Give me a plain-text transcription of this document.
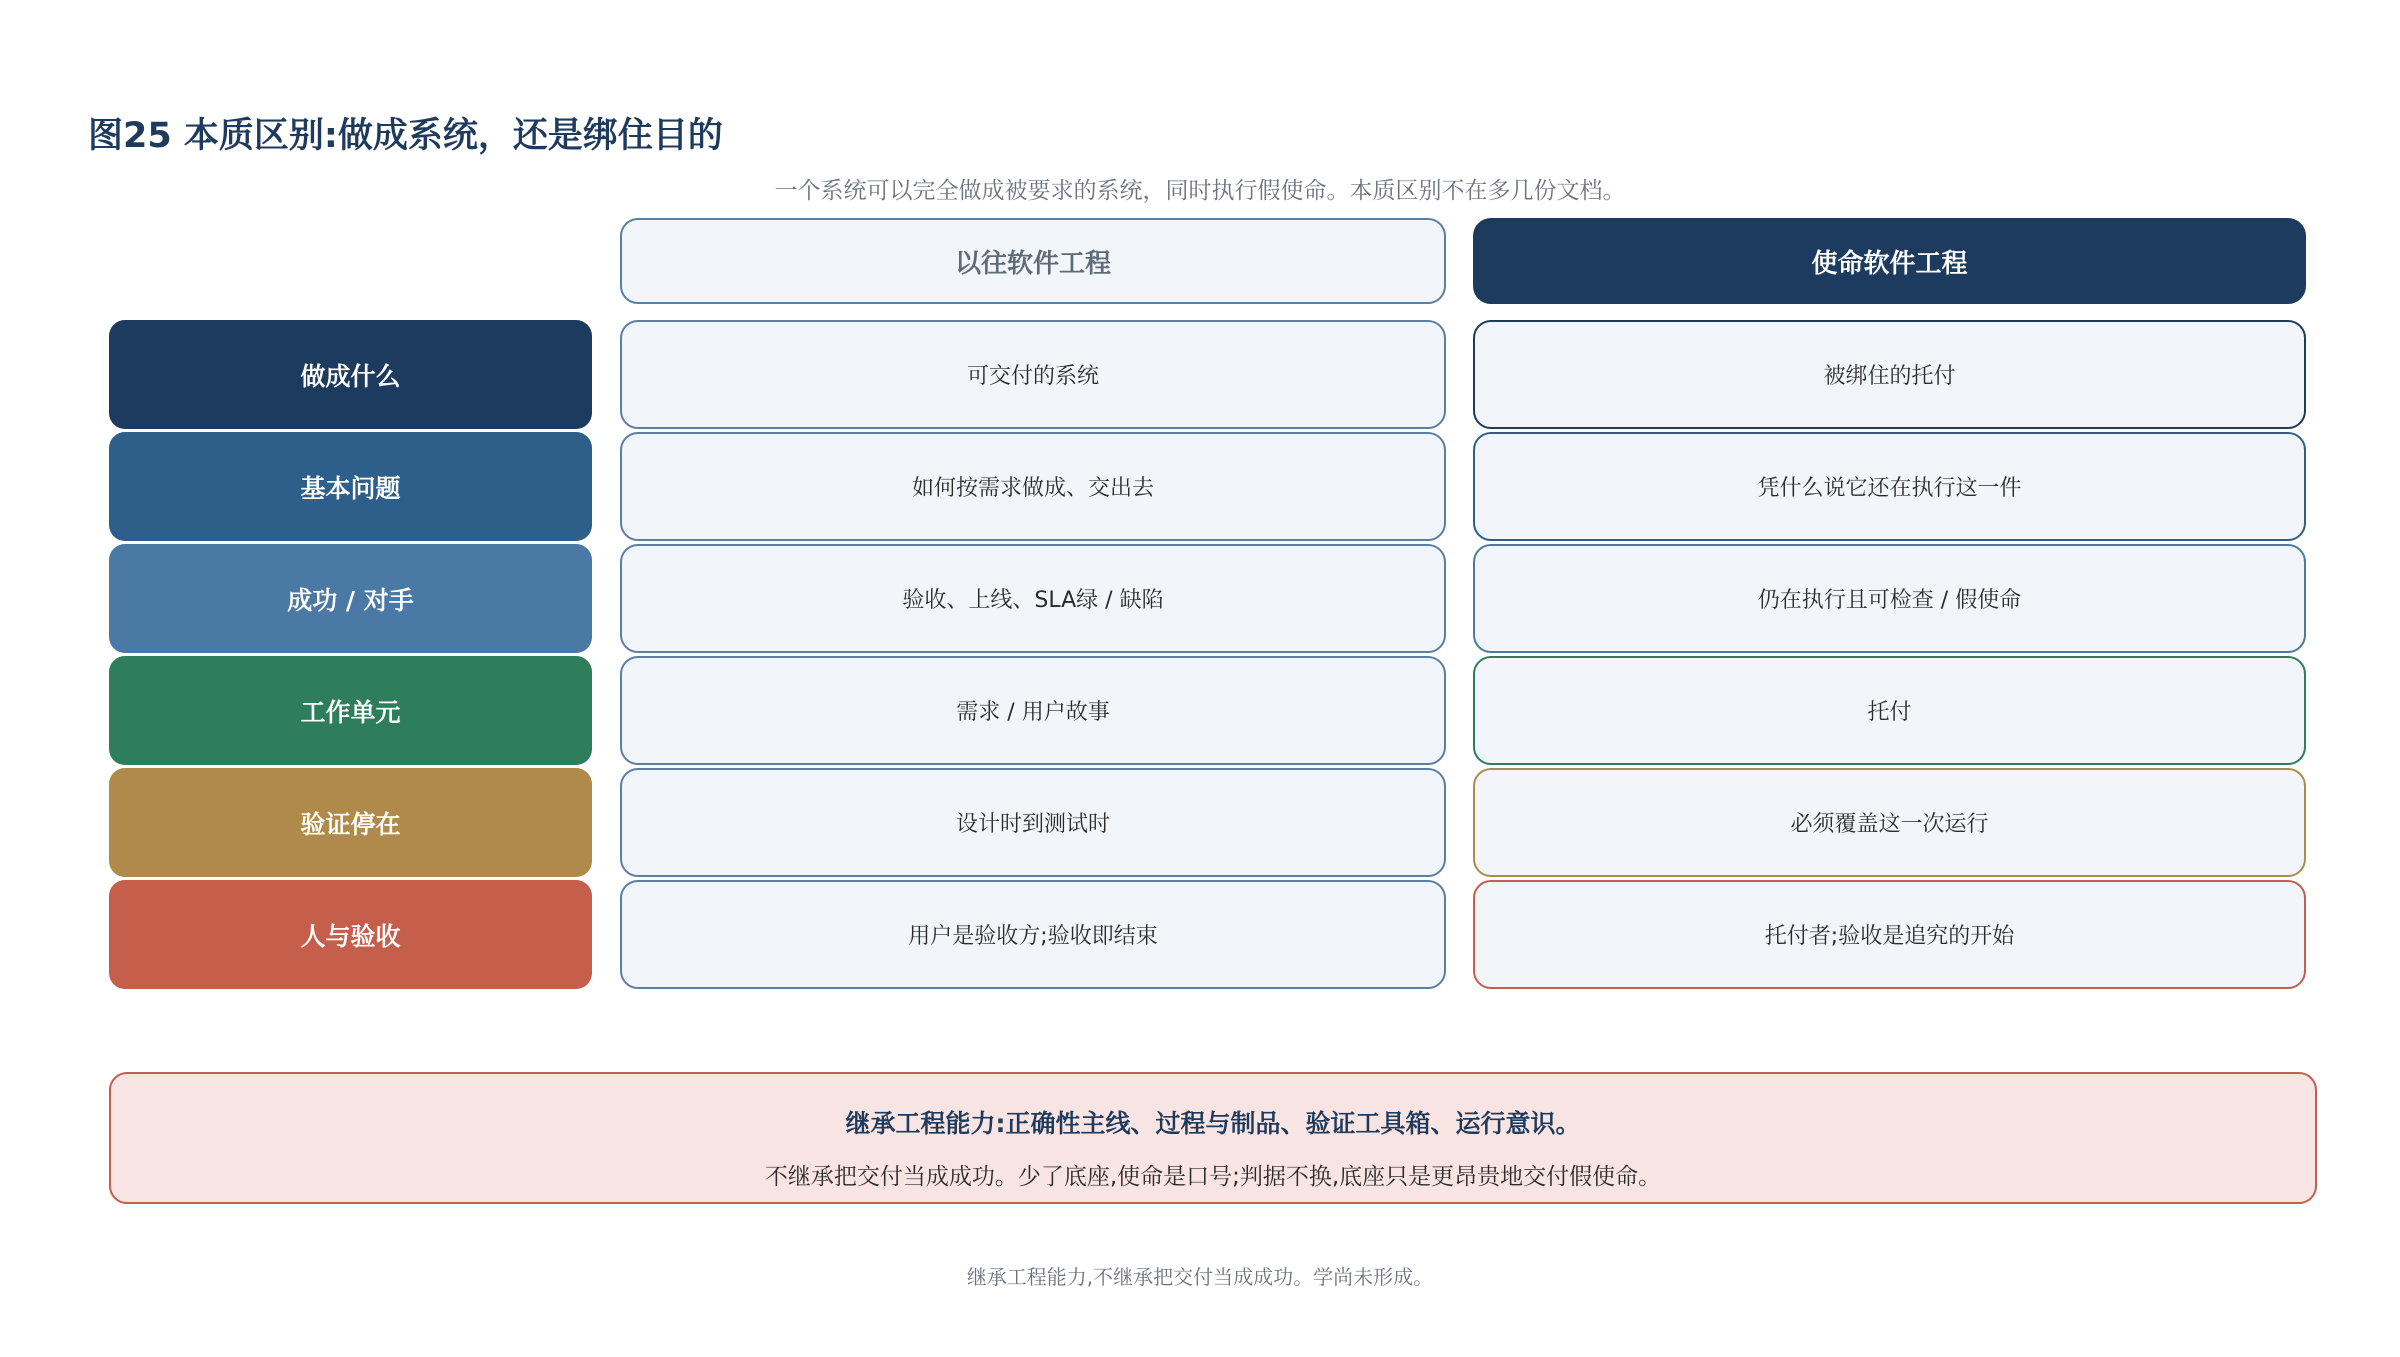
图25 本质区别:做成系统，还是绑住目的
一个系统可以完全做成被要求的系统，同时执行假使命。本质区别不在多几份文档。
以往软件工程	使命软件工程
做成什么	可交付的系统	被绑住的托付
基本问题	如何按需求做成、交出去	凭什么说它还在执行这一件
成功 / 对手	验收、上线、SLA绿 / 缺陷	仍在执行且可检查 / 假使命
工作单元	需求 / 用户故事	托付
验证停在	设计时到测试时	必须覆盖这一次运行
人与验收	用户是验收方;验收即结束	托付者;验收是追究的开始
继承工程能力:正确性主线、过程与制品、验证工具箱、运行意识。
不继承把交付当成成功。少了底座,使命是口号;判据不换,底座只是更昂贵地交付假使命。
继承工程能力,不继承把交付当成成功。学尚未形成。
